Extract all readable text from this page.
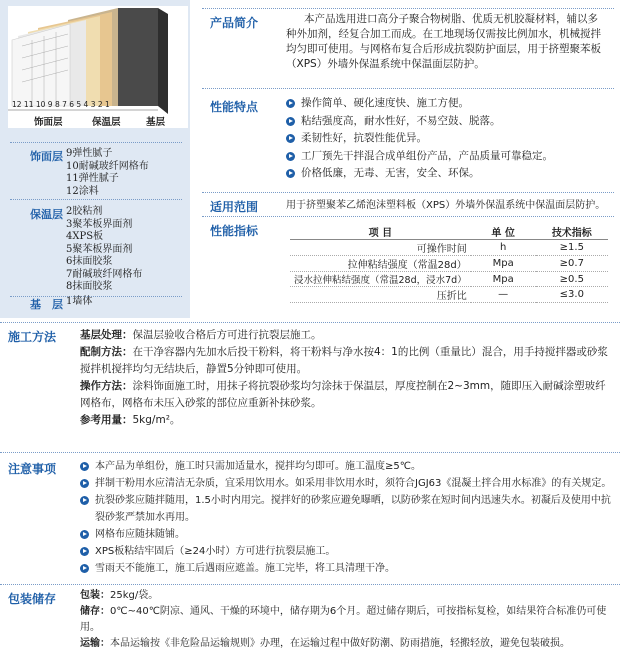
12 11 10 9 8 7 6 5 4 3 2 1
饰面层	保温层	基层
饰面层 9弹性腻子
10耐碱玻纤网格布
11弹性腻子
12涂料
保温层 2胶粘剂
3聚苯板界面剂
4XPS板
5聚苯板界面剂
6抹面胶浆
7耐碱玻纤网格布
8抹面胶浆
基　层 1墙体
产品简介	本产品选用进口高分子聚合物树脂、优质无机胶凝材料，辅以多种外加剂，经复合加工而成。在工地现场仅需按比例加水，机械搅拌均匀即可使用。与网格布复合后形成抗裂防护面层，用于挤塑聚苯板（XPS）外墙外保温系统中保温面层防护。
性能特点	操作简单、硬化速度快、施工方便。
粘结强度高，耐水性好，不易空鼓、脱落。
柔韧性好，抗裂性能优异。
工厂预先干拌混合成单组份产品，产品质量可靠稳定。
价格低廉，无毒、无害，安全、环保。
适用范围	用于挤塑聚苯乙烯泡沫塑料板（XPS）外墙外保温系统中保温面层防护。
性能指标	项 目	单 位	技术指标
可操作时间	h	≥1.5
拉伸粘结强度（常温28d）	Mpa	≥0.7
浸水拉伸粘结强度（常温28d，浸水7d）	Mpa	≥0.5
压折比	—	≤3.0
施工方法 基层处理：保温层验收合格后方可进行抗裂层施工。
配制方法：在干净容器内先加水后投干粉料，将干粉料与净水按4：1的比例（重量比）混合，用手持搅拌器或砂浆搅拌机搅拌均匀无结块后，静置5分钟即可使用。
操作方法：涂料饰面施工时，用抹子将抗裂砂浆均匀涂抹于保温层，厚度控制在2~3mm，随即压入耐碱涂塑玻纤网格布，网格布未压入砂浆的部位应重新补抹砂浆。
参考用量：5kg/m²。
注意事项	本产品为单组份，施工时只需加适量水，搅拌均匀即可。施工温度≥5℃。
拌制干粉用水应清洁无杂质，宜采用饮用水。如采用非饮用水时，须符合JGJ63《混凝土拌合用水标准》的有关规定。
抗裂砂浆应随拌随用，1.5小时内用完。搅拌好的砂浆应避免曝晒，以防砂浆在短时间内迅速失水。初凝后及使用中抗裂砂浆严禁加水再用。
网格布应随抹随铺。
XPS板粘结牢固后（≥24小时）方可进行抗裂层施工。
雪雨天不能施工，施工后遇雨应遮盖。施工完毕，将工具清理干净。
包装储存 包装：25kg/袋。
储存：0℃~40℃阴凉、通风、干燥的环境中，储存期为6个月。超过储存期后，可按指标复检，如结果符合标准仍可使用。
运输：本品运输按《非危险品运输规则》办理，在运输过程中做好防潮、防雨措施，轻搬轻放，避免包装破损。
